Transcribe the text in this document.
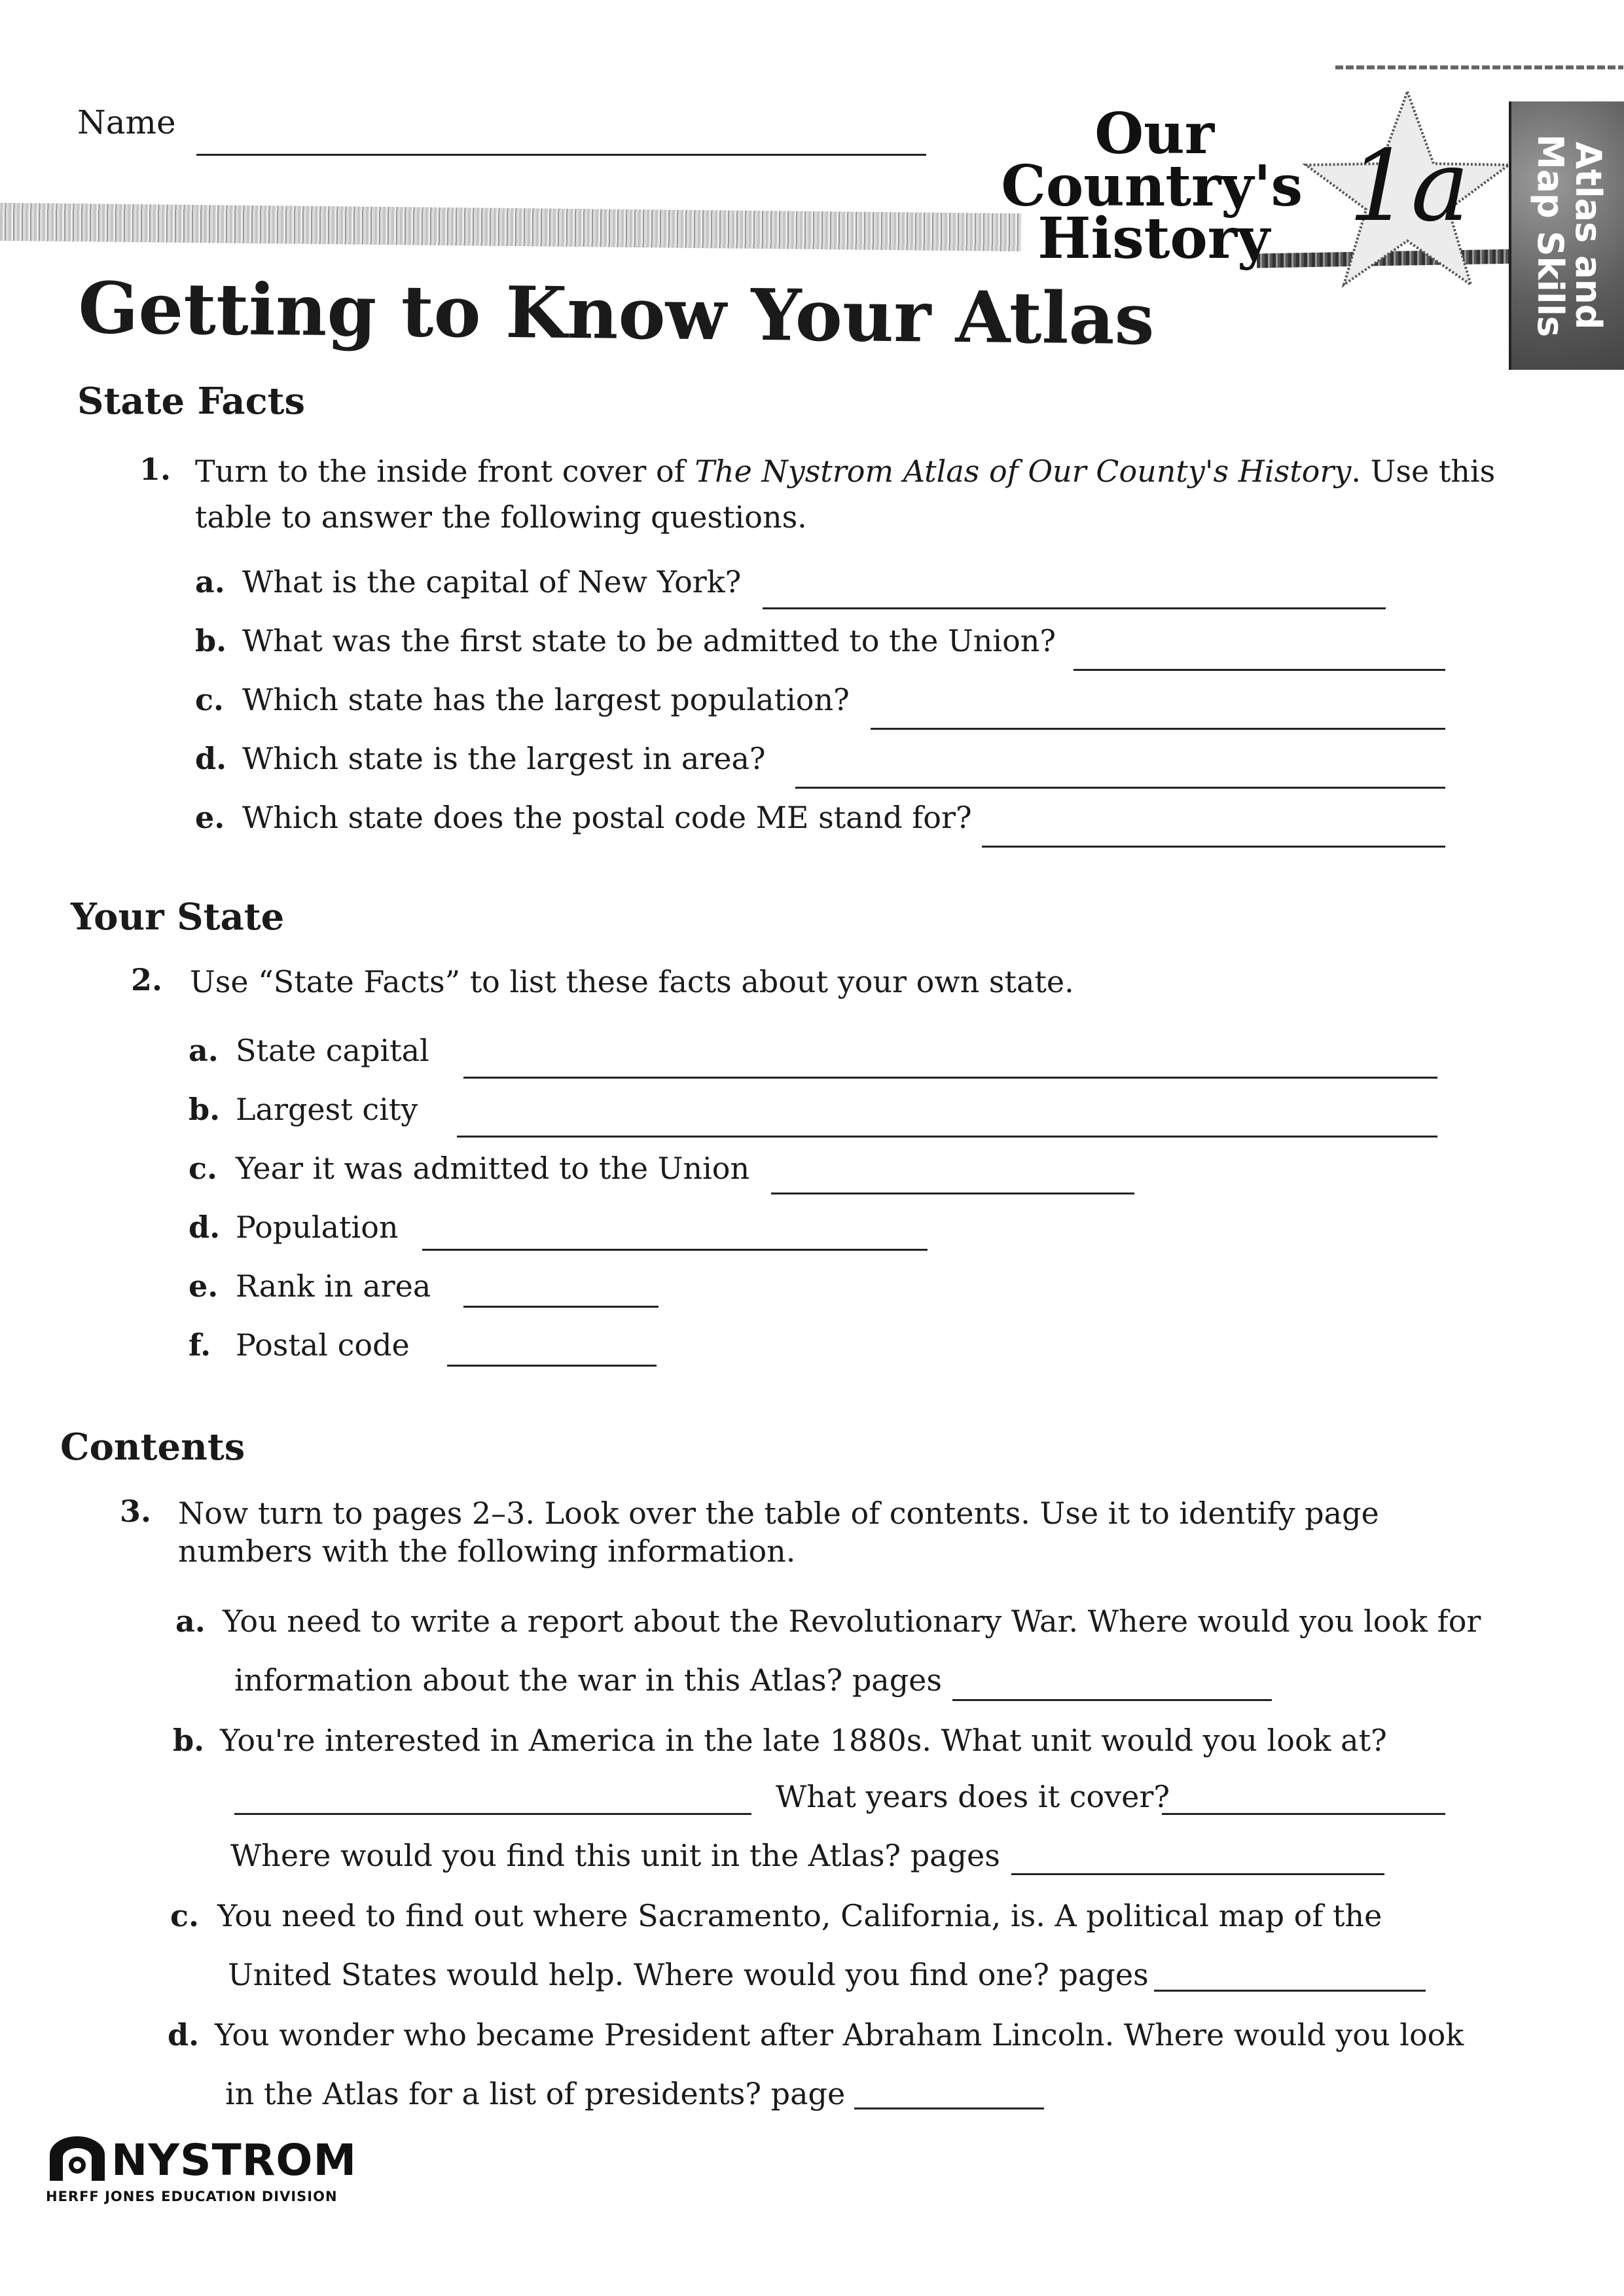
Name	Our
Country's
History 1a	Atlas and
Map Skills
Getting to Know Your Atlas
State Facts
1. Turn to the inside front cover of The Nystrom Atlas of Our County's History. Use this
table to answer the following questions.
a. What is the capital of New York?
b. What was the first state to be admitted to the Union?
c. Which state has the largest population?
d. Which state is the largest in area?
e. Which state does the postal code ME stand for?
Your State
2. Use “State Facts” to list these facts about your own state.
a. State capital
b. Largest city
c. Year it was admitted to the Union
d. Population
e. Rank in area
f. Postal code
Contents
3. Now turn to pages 2–3. Look over the table of contents. Use it to identify page
numbers with the following information.
a. You need to write a report about the Revolutionary War. Where would you look for
information about the war in this Atlas? pages
b. You're interested in America in the late 1880s. What unit would you look at?
What years does it cover?
Where would you find this unit in the Atlas? pages
c. You need to find out where Sacramento, California, is. A political map of the
United States would help. Where would you find one? pages
d. You wonder who became President after Abraham Lincoln. Where would you look
in the Atlas for a list of presidents? page
NYSTROM
HERFF JONES EDUCATION DIVISION
